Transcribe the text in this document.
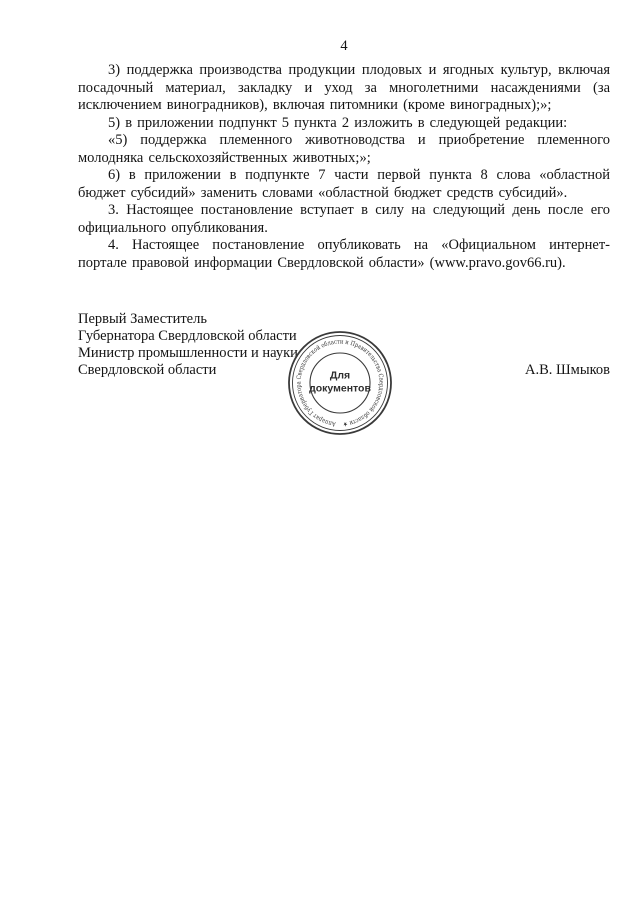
4

3) поддержка производства продукции плодовых и ягодных культур, включая посадочный материал, закладку и уход за многолетними насаждениями (за исключением виноградников), включая питомники (кроме виноградных);»;

5) в приложении подпункт 5 пункта 2 изложить в следующей редакции:

«5) поддержка племенного животноводства и приобретение племенного молодняка сельскохозяйственных животных;»;

6) в приложении в подпункте 7 части первой пункта 8 слова «областной бюджет субсидий» заменить словами «областной бюджет средств субсидий».

3. Настоящее постановление вступает в силу на следующий день после его официального опубликования.

4. Настоящее постановление опубликовать на «Официальном интернет-портале правовой информации Свердловской области» (www.pravo.gov66.ru).

Первый Заместитель
Губернатора Свердловской области
Министр промышленности и науки
Свердловской области	А.В. Шмыков
Аппарат Губернатора Свердловской области и Правительства Свердловской области ★
Для
документов
